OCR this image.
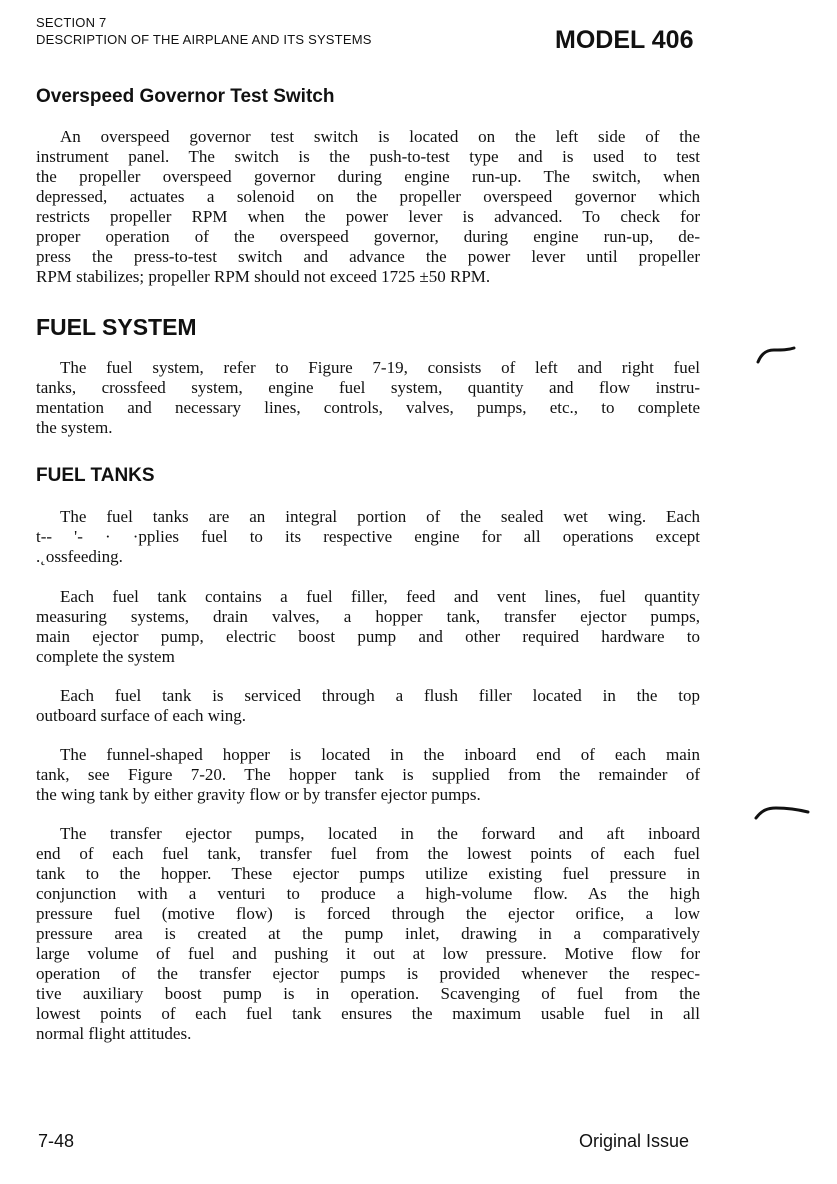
SECTION 7
DESCRIPTION OF THE AIRPLANE AND ITS SYSTEMS	MODEL 406
Overspeed Governor Test Switch
An overspeed governor test switch is located on the left side of the
instrument panel. The switch is the push-to-test type and is used to test
the propeller overspeed governor during engine run-up. The switch, when
depressed, actuates a solenoid on the propeller overspeed governor which
restricts propeller RPM when the power lever is advanced. To check for
proper operation of the overspeed governor, during engine run-up, de-
press the press-to-test switch and advance the power lever until propeller
RPM stabilizes; propeller RPM should not exceed 1725 ±50 RPM.
FUEL SYSTEM
The fuel system, refer to Figure 7-19, consists of left and right fuel
tanks, crossfeed system, engine fuel system, quantity and flow instru-
mentation and necessary lines, controls, valves, pumps, etc., to complete
the system.
FUEL TANKS
The fuel tanks are an integral portion of the sealed wet wing. Each
t-- '- · ·pplies fuel to its respective engine for all operations except
.˛ossfeeding.
Each fuel tank contains a fuel filler, feed and vent lines, fuel quantity
measuring systems, drain valves, a hopper tank, transfer ejector pumps,
main ejector pump, electric boost pump and other required hardware to
complete the system
Each fuel tank is serviced through a flush filler located in the top
outboard surface of each wing.
The funnel-shaped hopper is located in the inboard end of each main
tank, see Figure 7-20. The hopper tank is supplied from the remainder of
the wing tank by either gravity flow or by transfer ejector pumps.
The transfer ejector pumps, located in the forward and aft inboard
end of each fuel tank, transfer fuel from the lowest points of each fuel
tank to the hopper. These ejector pumps utilize existing fuel pressure in
conjunction with a venturi to produce a high-volume flow. As the high
pressure fuel (motive flow) is forced through the ejector orifice, a low
pressure area is created at the pump inlet, drawing in a comparatively
large volume of fuel and pushing it out at low pressure. Motive flow for
operation of the transfer ejector pumps is provided whenever the respec-
tive auxiliary boost pump is in operation. Scavenging of fuel from the
lowest points of each fuel tank ensures the maximum usable fuel in all
normal flight attitudes.
7-48	Original Issue
